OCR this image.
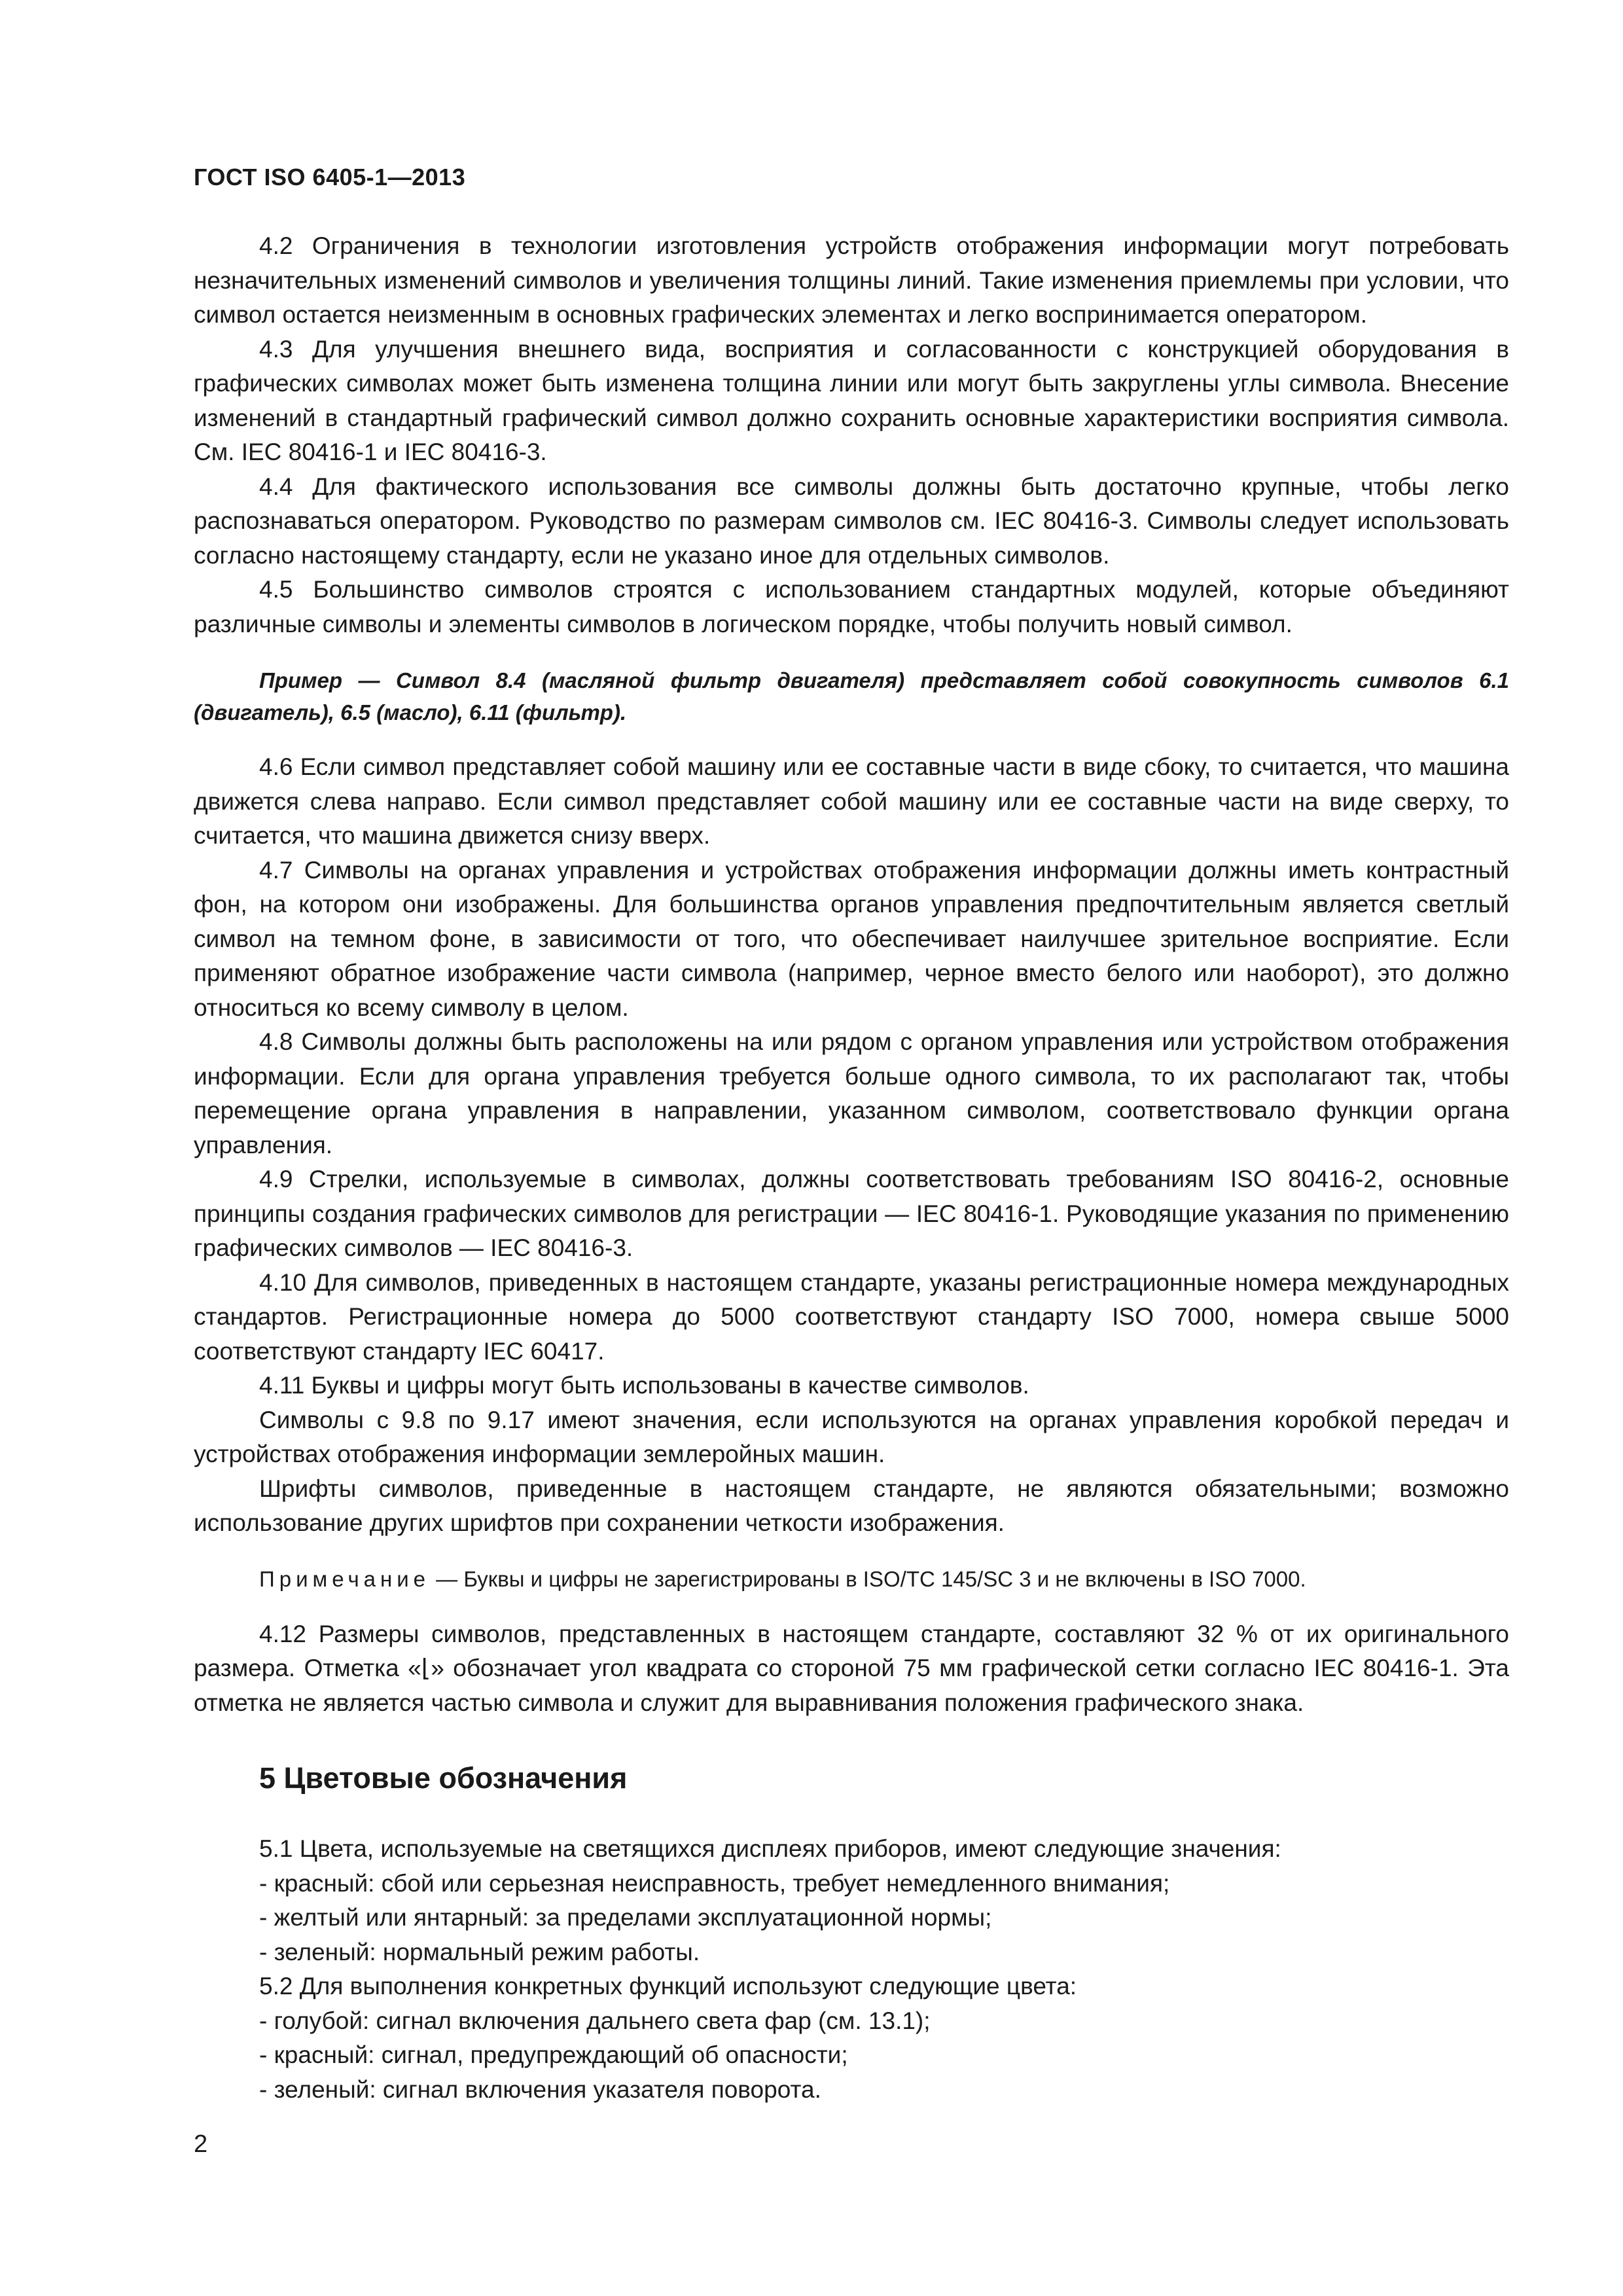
ГОСТ ISO 6405-1—2013

4.2 Ограничения в технологии изготовления устройств отображения информации могут потребовать незначительных изменений символов и увеличения толщины линий. Такие изменения приемлемы при условии, что символ остается неизменным в основных графических элементах и легко воспринимается оператором.

4.3 Для улучшения внешнего вида, восприятия и согласованности с конструкцией оборудования в графических символах может быть изменена толщина линии или могут быть закруглены углы символа. Внесение изменений в стандартный графический символ должно сохранить основные характеристики восприятия символа. См. IEC 80416-1 и IEC 80416-3.

4.4 Для фактического использования все символы должны быть достаточно крупные, чтобы легко распознаваться оператором. Руководство по размерам символов см. IEC 80416-3. Символы следует использовать согласно настоящему стандарту, если не указано иное для отдельных символов.

4.5 Большинство символов строятся с использованием стандартных модулей, которые объединяют различные символы и элементы символов в логическом порядке, чтобы получить новый символ.

Пример — Символ 8.4 (масляной фильтр двигателя) представляет собой совокупность символов 6.1 (двигатель), 6.5 (масло), 6.11 (фильтр).

4.6 Если символ представляет собой машину или ее составные части в виде сбоку, то считается, что машина движется слева направо. Если символ представляет собой машину или ее составные части на виде сверху, то считается, что машина движется снизу вверх.

4.7 Символы на органах управления и устройствах отображения информации должны иметь контрастный фон, на котором они изображены. Для большинства органов управления предпочтительным является светлый символ на темном фоне, в зависимости от того, что обеспечивает наилучшее зрительное восприятие. Если применяют обратное изображение части символа (например, черное вместо белого или наоборот), это должно относиться ко всему символу в целом.

4.8 Символы должны быть расположены на или рядом с органом управления или устройством отображения информации. Если для органа управления требуется больше одного символа, то их располагают так, чтобы перемещение органа управления в направлении, указанном символом, соответствовало функции органа управления.

4.9 Стрелки, используемые в символах, должны соответствовать требованиям ISO 80416-2, основные принципы создания графических символов для регистрации — IEC 80416-1. Руководящие указания по применению графических символов — IEC 80416-3.

4.10 Для символов, приведенных в настоящем стандарте, указаны регистрационные номера международных стандартов. Регистрационные номера до 5000 соответствуют стандарту ISO 7000, номера свыше 5000 соответствуют стандарту IEC 60417.

4.11 Буквы и цифры могут быть использованы в качестве символов.

Символы с 9.8 по 9.17 имеют значения, если используются на органах управления коробкой передач и устройствах отображения информации землеройных машин.

Шрифты символов, приведенные в настоящем стандарте, не являются обязательными; возможно использование других шрифтов при сохранении четкости изображения.

Примечание — Буквы и цифры не зарегистрированы в ISO/TC 145/SC 3 и не включены в ISO 7000.

4.12 Размеры символов, представленных в настоящем стандарте, составляют 32 % от их оригинального размера. Отметка «⌊» обозначает угол квадрата со стороной 75 мм графической сетки согласно IEC 80416-1. Эта отметка не является частью символа и служит для выравнивания положения графического знака.

5 Цветовые обозначения

5.1 Цвета, используемые на светящихся дисплеях приборов, имеют следующие значения:

- красный: сбой или серьезная неисправность, требует немедленного внимания;

- желтый или янтарный: за пределами эксплуатационной нормы;

- зеленый: нормальный режим работы.

5.2 Для выполнения конкретных функций используют следующие цвета:

- голубой: сигнал включения дальнего света фар (см. 13.1);

- красный: сигнал, предупреждающий об опасности;

- зеленый: сигнал включения указателя поворота.

2
